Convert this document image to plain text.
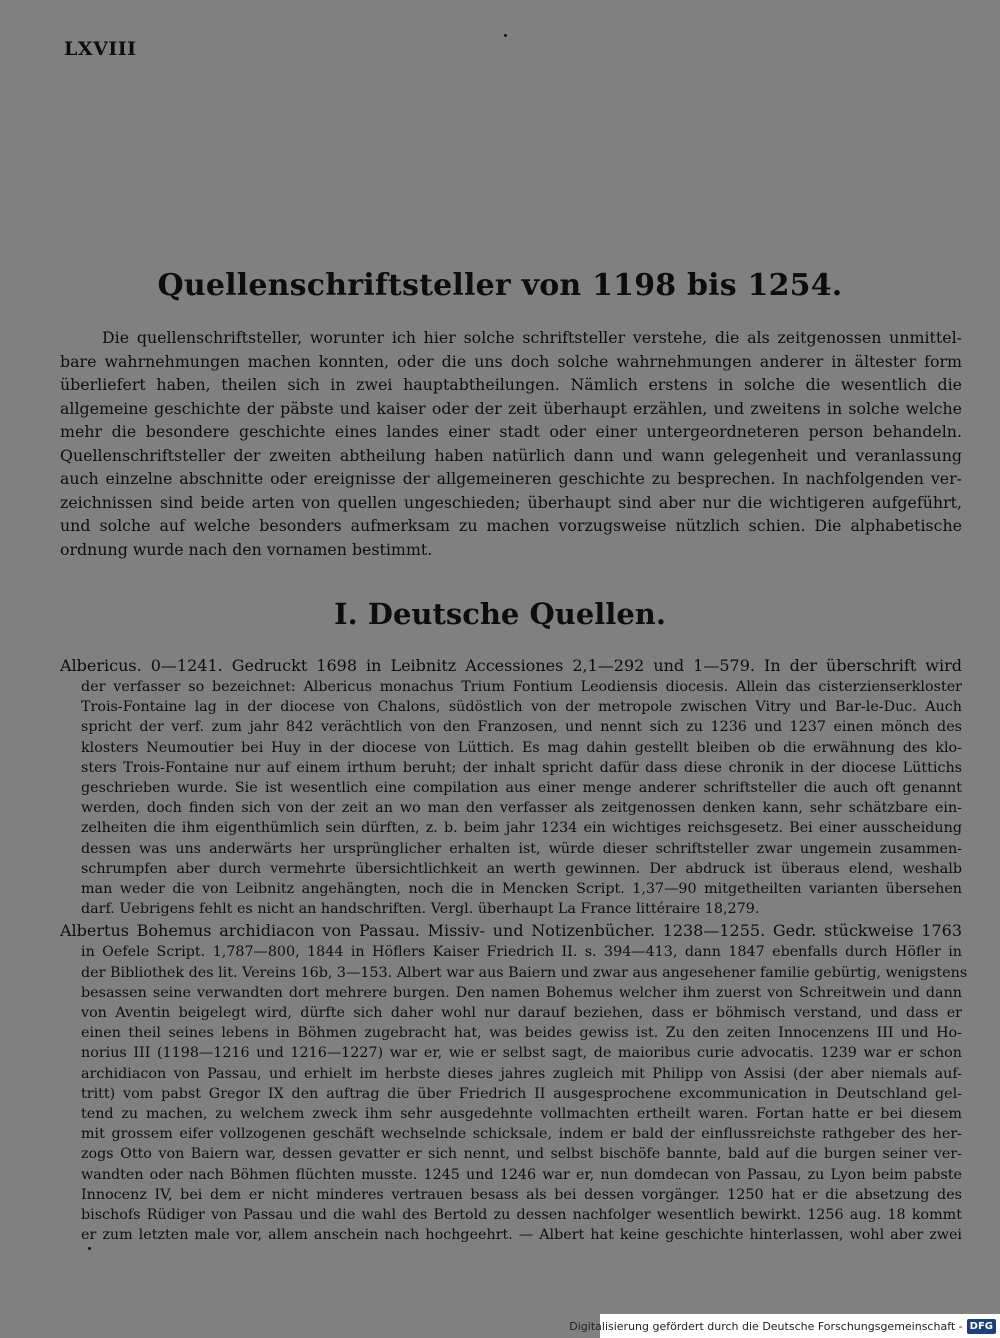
LXVIII
Quellenschriftsteller von 1198 bis 1254.
Die quellenschriftsteller, worunter ich hier solche schriftsteller verstehe, die als zeitgenossen unmittel-
bare wahrnehmungen machen konnten, oder die uns doch solche wahrnehmungen anderer in ältester form
überliefert haben, theilen sich in zwei hauptabtheilungen. Nämlich erstens in solche die wesentlich die
allgemeine geschichte der päbste und kaiser oder der zeit überhaupt erzählen, und zweitens in solche welche
mehr die besondere geschichte eines landes einer stadt oder einer untergeordneteren person behandeln.
Quellenschriftsteller der zweiten abtheilung haben natürlich dann und wann gelegenheit und veranlassung
auch einzelne abschnitte oder ereignisse der allgemeineren geschichte zu besprechen. In nachfolgenden ver-
zeichnissen sind beide arten von quellen ungeschieden; überhaupt sind aber nur die wichtigeren aufgeführt,
und solche auf welche besonders aufmerksam zu machen vorzugsweise nützlich schien. Die alphabetische
ordnung wurde nach den vornamen bestimmt.
I. Deutsche Quellen.
Albericus. 0—1241. Gedruckt 1698 in Leibnitz Accessiones 2,1—292 und 1—579. In der überschrift wird
der verfasser so bezeichnet: Albericus monachus Trium Fontium Leodiensis diocesis. Allein das cisterzienserkloster
Trois-Fontaine lag in der diocese von Chalons, südöstlich von der metropole zwischen Vitry und Bar-le-Duc. Auch
spricht der verf. zum jahr 842 verächtlich von den Franzosen, und nennt sich zu 1236 und 1237 einen mönch des
klosters Neumoutier bei Huy in der diocese von Lüttich. Es mag dahin gestellt bleiben ob die erwähnung des klo-
sters Trois-Fontaine nur auf einem irthum beruht; der inhalt spricht dafür dass diese chronik in der diocese Lüttichs
geschrieben wurde. Sie ist wesentlich eine compilation aus einer menge anderer schriftsteller die auch oft genannt
werden, doch finden sich von der zeit an wo man den verfasser als zeitgenossen denken kann, sehr schätzbare ein-
zelheiten die ihm eigenthümlich sein dürften, z. b. beim jahr 1234 ein wichtiges reichsgesetz. Bei einer ausscheidung
dessen was uns anderwärts her ursprünglicher erhalten ist, würde dieser schriftsteller zwar ungemein zusammen-
schrumpfen aber durch vermehrte übersichtlichkeit an werth gewinnen. Der abdruck ist überaus elend, weshalb
man weder die von Leibnitz angehängten, noch die in Mencken Script. 1,37—90 mitgetheilten varianten übersehen
darf. Uebrigens fehlt es nicht an handschriften. Vergl. überhaupt La France littéraire 18,279.
Albertus Bohemus archidiacon von Passau. Missiv- und Notizenbücher. 1238—1255. Gedr. stückweise 1763
in Oefele Script. 1,787—800, 1844 in Höflers Kaiser Friedrich II. s. 394—413, dann 1847 ebenfalls durch Höfler in
der Bibliothek des lit. Vereins 16b, 3—153. Albert war aus Baiern und zwar aus angesehener familie gebürtig, wenigstens
besassen seine verwandten dort mehrere burgen. Den namen Bohemus welcher ihm zuerst von Schreitwein und dann
von Aventin beigelegt wird, dürfte sich daher wohl nur darauf beziehen, dass er böhmisch verstand, und dass er
einen theil seines lebens in Böhmen zugebracht hat, was beides gewiss ist. Zu den zeiten Innocenzens III und Ho-
norius III (1198—1216 und 1216—1227) war er, wie er selbst sagt, de maioribus curie advocatis. 1239 war er schon
archidiacon von Passau, und erhielt im herbste dieses jahres zugleich mit Philipp von Assisi (der aber niemals auf-
tritt) vom pabst Gregor IX den auftrag die über Friedrich II ausgesprochene excommunication in Deutschland gel-
tend zu machen, zu welchem zweck ihm sehr ausgedehnte vollmachten ertheilt waren. Fortan hatte er bei diesem
mit grossem eifer vollzogenen geschäft wechselnde schicksale, indem er bald der einflussreichste rathgeber des her-
zogs Otto von Baiern war, dessen gevatter er sich nennt, und selbst bischöfe bannte, bald auf die burgen seiner ver-
wandten oder nach Böhmen flüchten musste. 1245 und 1246 war er, nun domdecan von Passau, zu Lyon beim pabste
Innocenz IV, bei dem er nicht minderes vertrauen besass als bei dessen vorgänger. 1250 hat er die absetzung des
bischofs Rüdiger von Passau und die wahl des Bertold zu dessen nachfolger wesentlich bewirkt. 1256 aug. 18 kommt
er zum letzten male vor, allem anschein nach hochgeehrt. — Albert hat keine geschichte hinterlassen, wohl aber zwei
Digitalisierung gefördert durch die Deutsche Forschungsgemeinschaft - DFG
